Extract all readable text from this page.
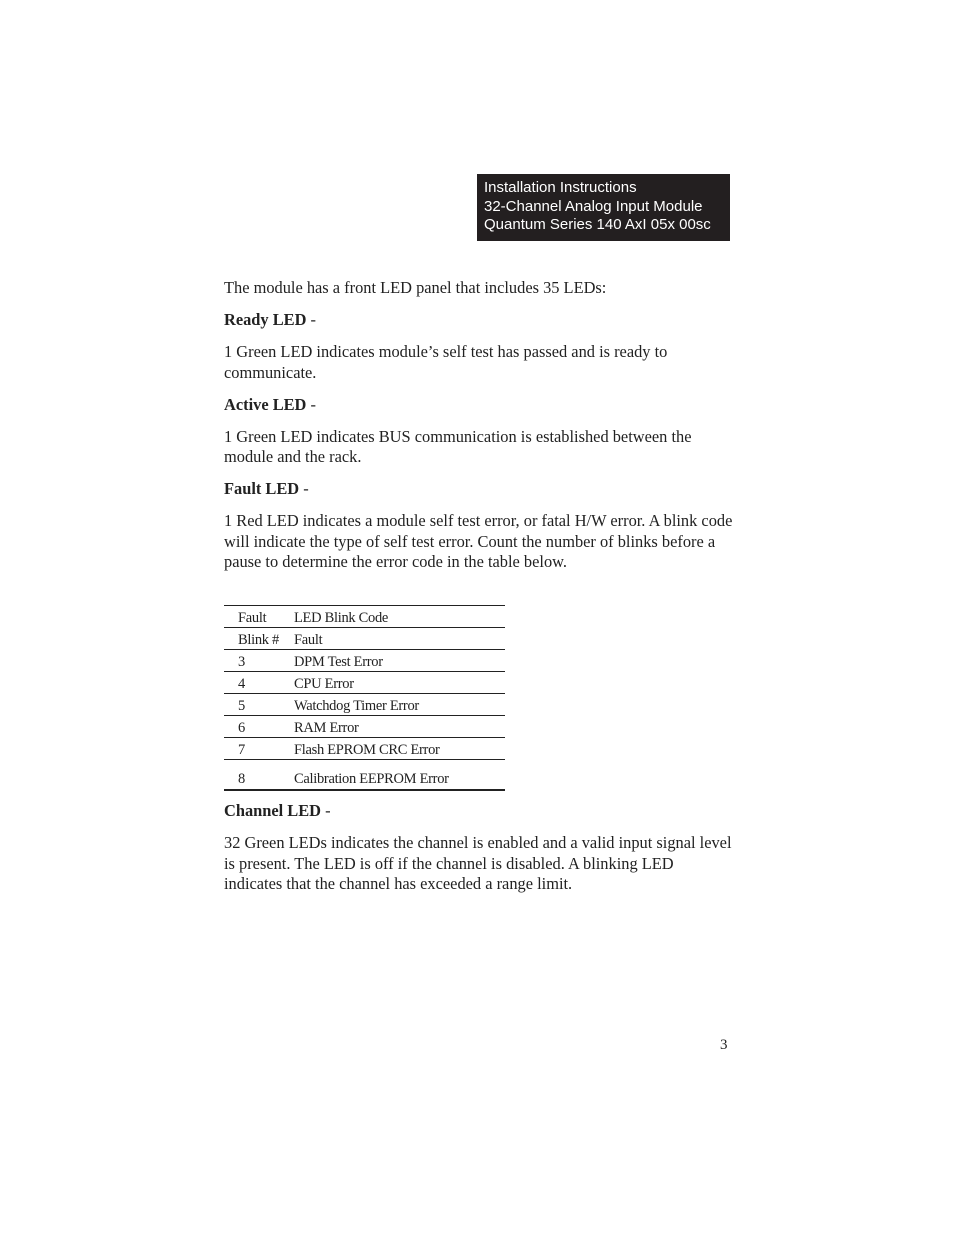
Installation Instructions
32-Channel Analog Input Module
Quantum Series 140 AxI 05x 00sc

The module has a front LED panel that includes 35 LEDs:

Ready LED -

1 Green LED indicates module’s self test has passed and is ready to communicate.

Active LED -

1 Green LED indicates BUS communication is established between the module and the rack.

Fault LED -

1 Red LED indicates a module self test error, or fatal H/W error. A blink code will indicate the type of self test error. Count the number of blinks before a pause to determine the error code in the table below.

Fault	LED Blink Code
Blink #	Fault
3	DPM Test Error
4	CPU Error
5	Watchdog Timer Error
6	RAM Error
7	Flash EPROM CRC Error
8	Calibration EEPROM Error

Channel LED -

32 Green LEDs indicates the channel is enabled and a valid input signal level is present. The LED is off if the channel is disabled. A blinking LED indicates that the channel has exceeded a range limit.

3
